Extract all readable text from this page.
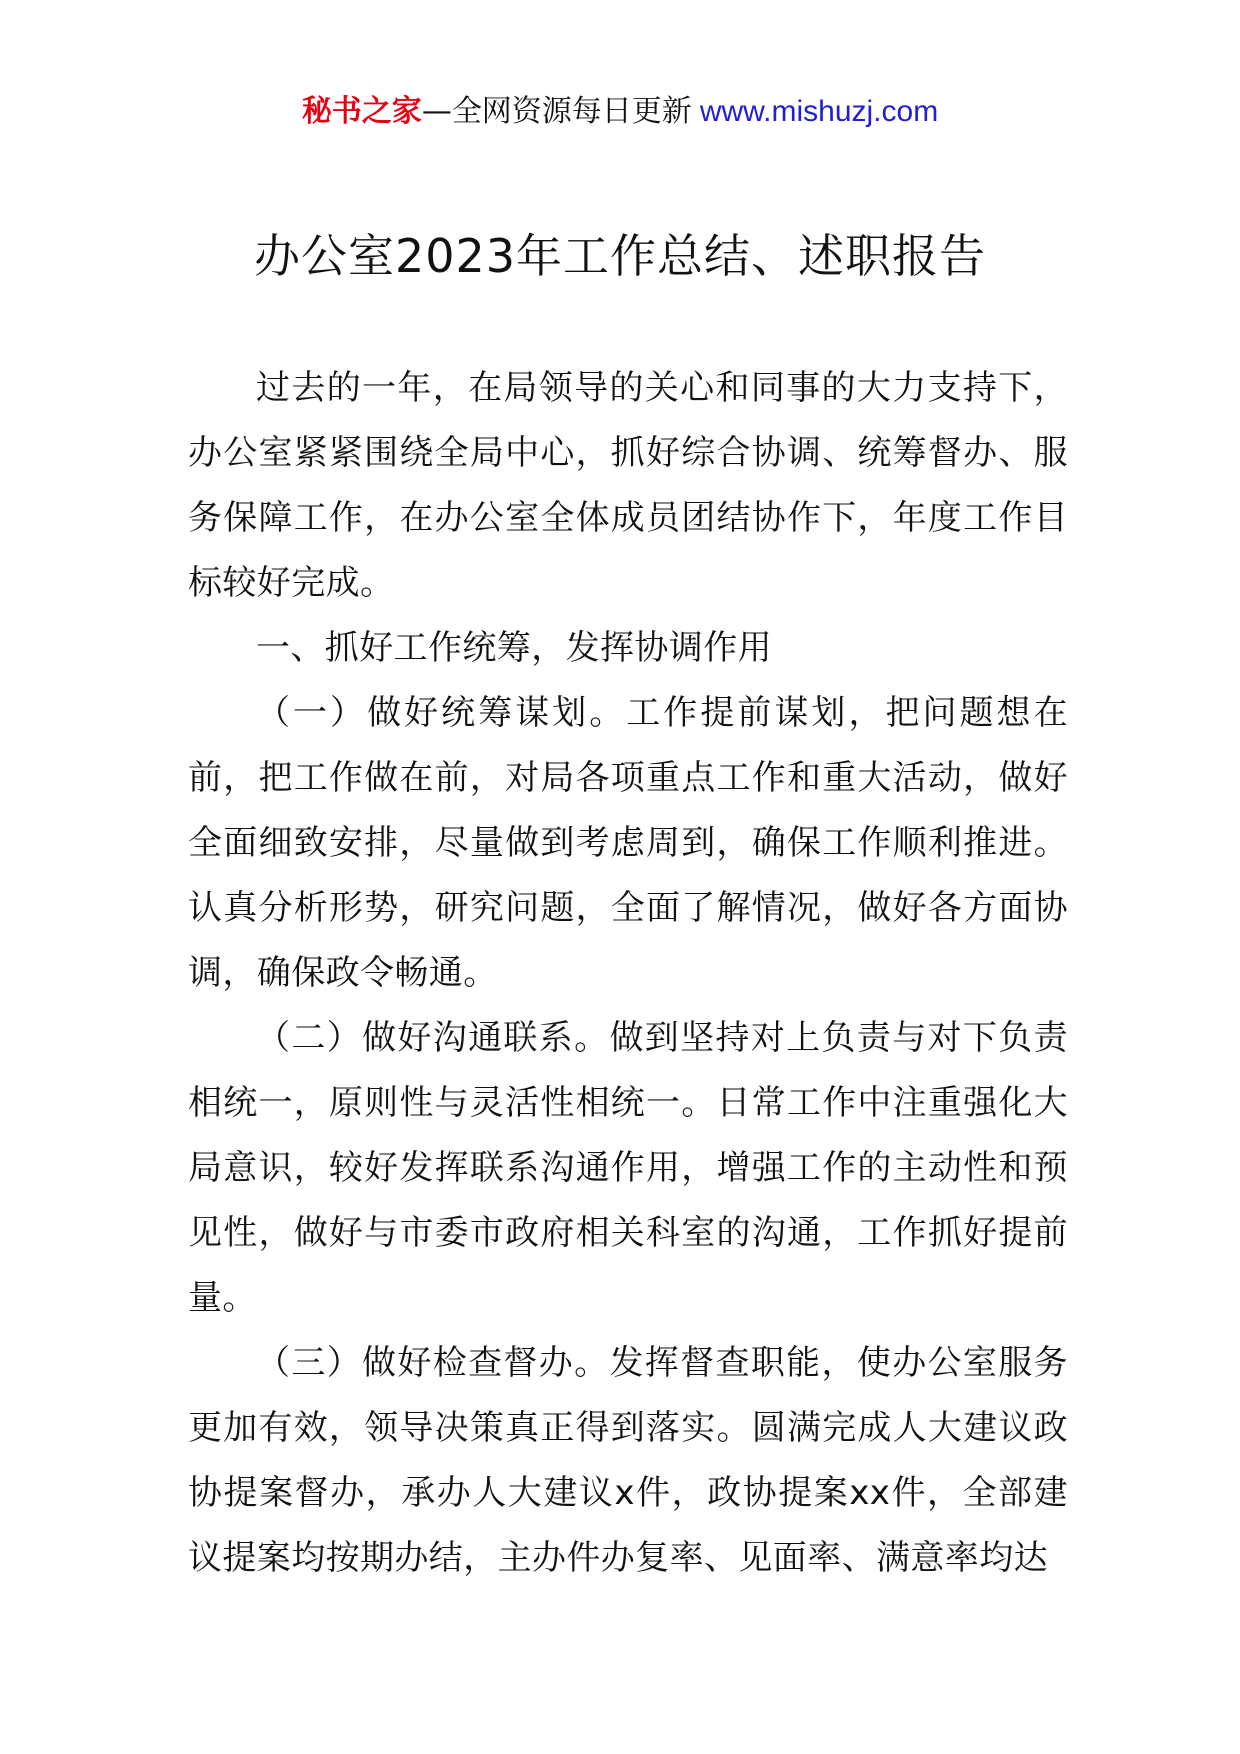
秘书之家—全网资源每日更新 www.mishuzj.com
办公室2023年工作总结、述职报告

过去的一年，在局领导的关心和同事的大力支持下，办公室紧紧围绕全局中心，抓好综合协调、统筹督办、服务保障工作，在办公室全体成员团结协作下，年度工作目标较好完成。

一、抓好工作统筹，发挥协调作用

（一）做好统筹谋划。工作提前谋划，把问题想在前，把工作做在前，对局各项重点工作和重大活动，做好全面细致安排，尽量做到考虑周到，确保工作顺利推进。认真分析形势，研究问题，全面了解情况，做好各方面协调，确保政令畅通。

（二）做好沟通联系。做到坚持对上负责与对下负责相统一，原则性与灵活性相统一。日常工作中注重强化大局意识，较好发挥联系沟通作用，增强工作的主动性和预见性，做好与市委市政府相关科室的沟通，工作抓好提前量。

（三）做好检查督办。发挥督查职能，使办公室服务更加有效，领导决策真正得到落实。圆满完成人大建议政协提案督办，承办人大建议x件，政协提案xx件，全部建议提案均按期办结，主办件办复率、见面率、满意率均达
